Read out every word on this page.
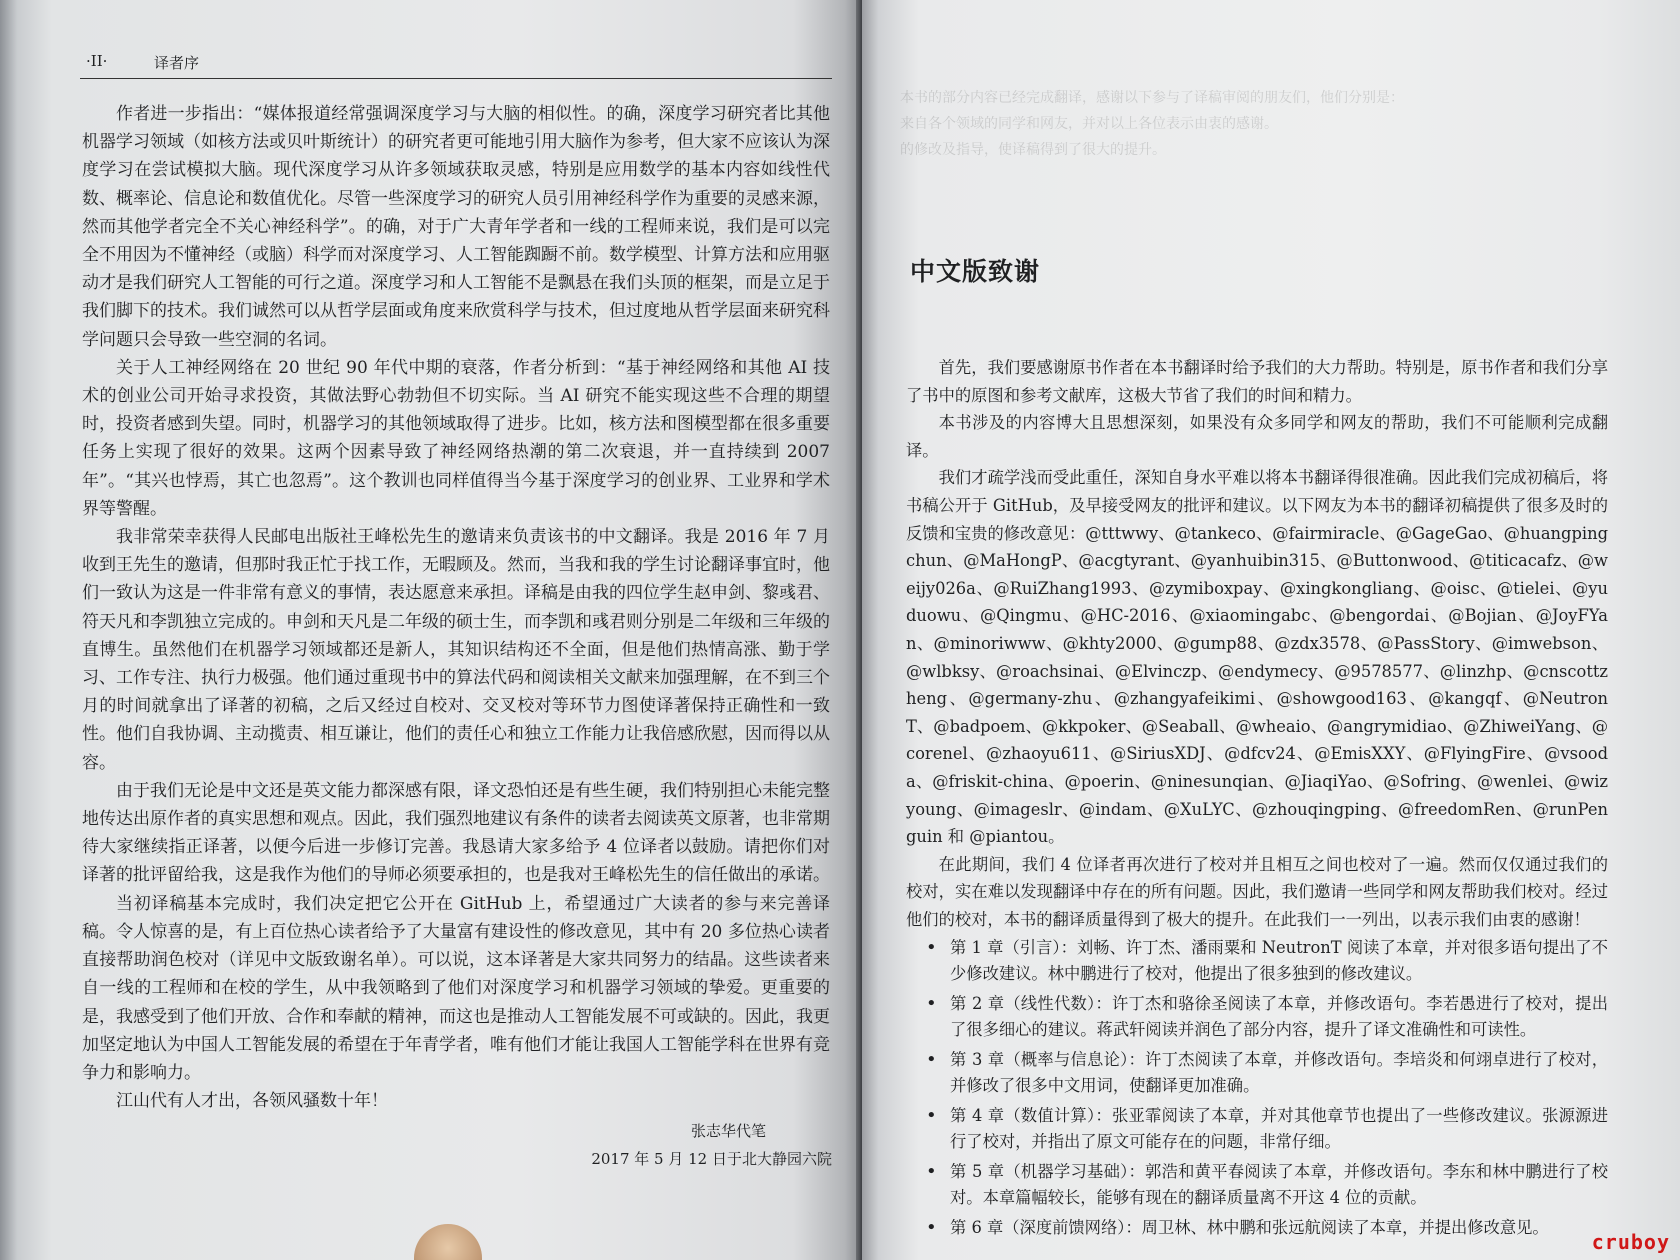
·II·	译者序

作者进一步指出：“媒体报道经常强调深度学习与大脑的相似性。的确，深度学习研究者比其他机器学习领域（如核方法或贝叶斯统计）的研究者更可能地引用大脑作为参考，但大家不应该认为深度学习在尝试模拟大脑。现代深度学习从许多领域获取灵感，特别是应用数学的基本内容如线性代数、概率论、信息论和数值优化。尽管一些深度学习的研究人员引用神经科学作为重要的灵感来源，然而其他学者完全不关心神经科学”。的确，对于广大青年学者和一线的工程师来说，我们是可以完全不用因为不懂神经（或脑）科学而对深度学习、人工智能踟蹰不前。数学模型、计算方法和应用驱动才是我们研究人工智能的可行之道。深度学习和人工智能不是飘悬在我们头顶的框架，而是立足于我们脚下的技术。我们诚然可以从哲学层面或角度来欣赏科学与技术，但过度地从哲学层面来研究科学问题只会导致一些空洞的名词。

关于人工神经网络在 20 世纪 90 年代中期的衰落，作者分析到：“基于神经网络和其他 AI 技术的创业公司开始寻求投资，其做法野心勃勃但不切实际。当 AI 研究不能实现这些不合理的期望时，投资者感到失望。同时，机器学习的其他领域取得了进步。比如，核方法和图模型都在很多重要任务上实现了很好的效果。这两个因素导致了神经网络热潮的第二次衰退，并一直持续到 2007 年”。“其兴也悖焉，其亡也忽焉”。这个教训也同样值得当今基于深度学习的创业界、工业界和学术界等警醒。

我非常荣幸获得人民邮电出版社王峰松先生的邀请来负责该书的中文翻译。我是 2016 年 7 月收到王先生的邀请，但那时我正忙于找工作，无暇顾及。然而，当我和我的学生讨论翻译事宜时，他们一致认为这是一件非常有意义的事情，表达愿意来承担。译稿是由我的四位学生赵申剑、黎彧君、符天凡和李凯独立完成的。申剑和天凡是二年级的硕士生，而李凯和彧君则分别是二年级和三年级的直博生。虽然他们在机器学习领域都还是新人，其知识结构还不全面，但是他们热情高涨、勤于学习、工作专注、执行力极强。他们通过重现书中的算法代码和阅读相关文献来加强理解，在不到三个月的时间就拿出了译著的初稿，之后又经过自校对、交叉校对等环节力图使译著保持正确性和一致性。他们自我协调、主动揽责、相互谦让，他们的责任心和独立工作能力让我倍感欣慰，因而得以从容。

由于我们无论是中文还是英文能力都深感有限，译文恐怕还是有些生硬，我们特别担心未能完整地传达出原作者的真实思想和观点。因此，我们强烈地建议有条件的读者去阅读英文原著，也非常期待大家继续指正译著，以便今后进一步修订完善。我恳请大家多给予 4 位译者以鼓励。请把你们对译著的批评留给我，这是我作为他们的导师必须要承担的，也是我对王峰松先生的信任做出的承诺。

当初译稿基本完成时，我们决定把它公开在 GitHub 上，希望通过广大读者的参与来完善译稿。令人惊喜的是，有上百位热心读者给予了大量富有建设性的修改意见，其中有 20 多位热心读者直接帮助润色校对（详见中文版致谢名单）。可以说，这本译著是大家共同努力的结晶。这些读者来自一线的工程师和在校的学生，从中我领略到了他们对深度学习和机器学习领域的挚爱。更重要的是，我感受到了他们开放、合作和奉献的精神，而这也是推动人工智能发展不可或缺的。因此，我更加坚定地认为中国人工智能发展的希望在于年青学者，唯有他们才能让我国人工智能学科在世界有竞争力和影响力。

江山代有人才出，各领风骚数十年！

张志华代笔
2017 年 5 月 12 日于北大静园六院
本书的部分内容已经完成翻译，感谢以下参与了译稿审阅的朋友们，他们分别是：
来自各个领域的同学和网友，并对以上各位表示由衷的感谢。
的修改及指导，使译稿得到了很大的提升。
中文版致谢

首先，我们要感谢原书作者在本书翻译时给予我们的大力帮助。特别是，原书作者和我们分享了书中的原图和参考文献库，这极大节省了我们的时间和精力。

本书涉及的内容博大且思想深刻，如果没有众多同学和网友的帮助，我们不可能顺利完成翻译。

我们才疏学浅而受此重任，深知自身水平难以将本书翻译得很准确。因此我们完成初稿后，将书稿公开于 GitHub，及早接受网友的批评和建议。以下网友为本书的翻译初稿提供了很多及时的反馈和宝贵的修改意见：@tttwwy、@tankeco、@fairmiracle、@GageGao、@huangpingchun、@MaHongP、@acgtyrant、@yanhuibin315、@Buttonwood、@titicacafz、@weijy026a、@RuiZhang1993、@zymiboxpay、@xingkongliang、@oisc、@tielei、@yuduowu、@Qingmu、@HC-2016、@xiaomingabc、@bengordai、@Bojian、@JoyFYan、@minoriwww、@khty2000、@gump88、@zdx3578、@PassStory、@imwebson、@wlbksy、@roachsinai、@Elvinczp、@endymecy、@9578577、@linzhp、@cnscottzheng、@germany-zhu、@zhangyafeikimi、@showgood163、@kangqf、@NeutronT、@badpoem、@kkpoker、@Seaball、@wheaio、@angrymidiao、@ZhiweiYang、@corenel、@zhaoyu611、@SiriusXDJ、@dfcv24、@EmisXXY、@FlyingFire、@vsooda、@friskit-china、@poerin、@ninesunqian、@JiaqiYao、@Sofring、@wenlei、@wizyoung、@imageslr、@indam、@XuLYC、@zhouqingping、@freedomRen、@runPenguin 和 @piantou。

在此期间，我们 4 位译者再次进行了校对并且相互之间也校对了一遍。然而仅仅通过我们的校对，实在难以发现翻译中存在的所有问题。因此，我们邀请一些同学和网友帮助我们校对。经过他们的校对，本书的翻译质量得到了极大的提升。在此我们一一列出，以表示我们由衷的感谢！

• 第 1 章（引言）：刘畅、许丁杰、潘雨粟和 NeutronT 阅读了本章，并对很多语句提出了不少修改建议。林中鹏进行了校对，他提出了很多独到的修改建议。
• 第 2 章（线性代数）：许丁杰和骆徐圣阅读了本章，并修改语句。李若愚进行了校对，提出了很多细心的建议。蒋武轩阅读并润色了部分内容，提升了译文准确性和可读性。
• 第 3 章（概率与信息论）：许丁杰阅读了本章，并修改语句。李培炎和何翊卓进行了校对，并修改了很多中文用词，使翻译更加准确。
• 第 4 章（数值计算）：张亚霏阅读了本章，并对其他章节也提出了一些修改建议。张源源进行了校对，并指出了原文可能存在的问题，非常仔细。
• 第 5 章（机器学习基础）：郭浩和黄平春阅读了本章，并修改语句。李东和林中鹏进行了校对。本章篇幅较长，能够有现在的翻译质量离不开这 4 位的贡献。
• 第 6 章（深度前馈网络）：周卫林、林中鹏和张远航阅读了本章，并提出修改意见。
cruboy
